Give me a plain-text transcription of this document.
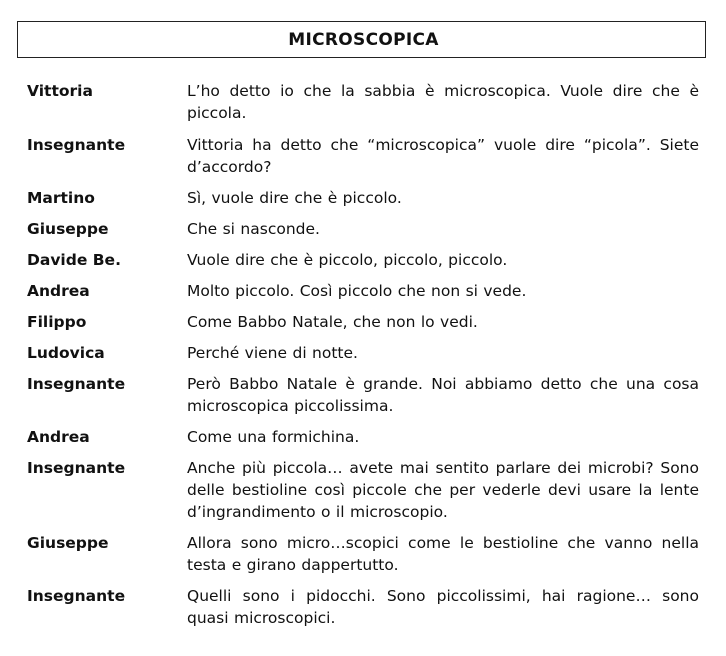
MICROSCOPICA
Vittoria	L’ho detto io che la sabbia è microscopica. Vuole dire che è piccola.
Insegnante	Vittoria ha detto che “microscopica” vuole dire “picola”. Siete d’accordo?
Martino	Sì, vuole dire che è piccolo.
Giuseppe	Che si nasconde.
Davide Be.	Vuole dire che è piccolo, piccolo, piccolo.
Andrea	Molto piccolo. Così piccolo che non si vede.
Filippo	Come Babbo Natale, che non lo vedi.
Ludovica	Perché viene di notte.
Insegnante	Però Babbo Natale è grande. Noi abbiamo detto che una cosa microscopica piccolissima.
Andrea	Come una formichina.
Insegnante	Anche più piccola… avete mai sentito parlare dei microbi? Sono delle bestioline così piccole che per vederle devi usare la lente d’ingrandimento o il microscopio.
Giuseppe	Allora sono micro…scopici come le bestioline che vanno nella testa e girano dappertutto.
Insegnante	Quelli sono i pidocchi. Sono piccolissimi, hai ragione… sono quasi microscopici.
